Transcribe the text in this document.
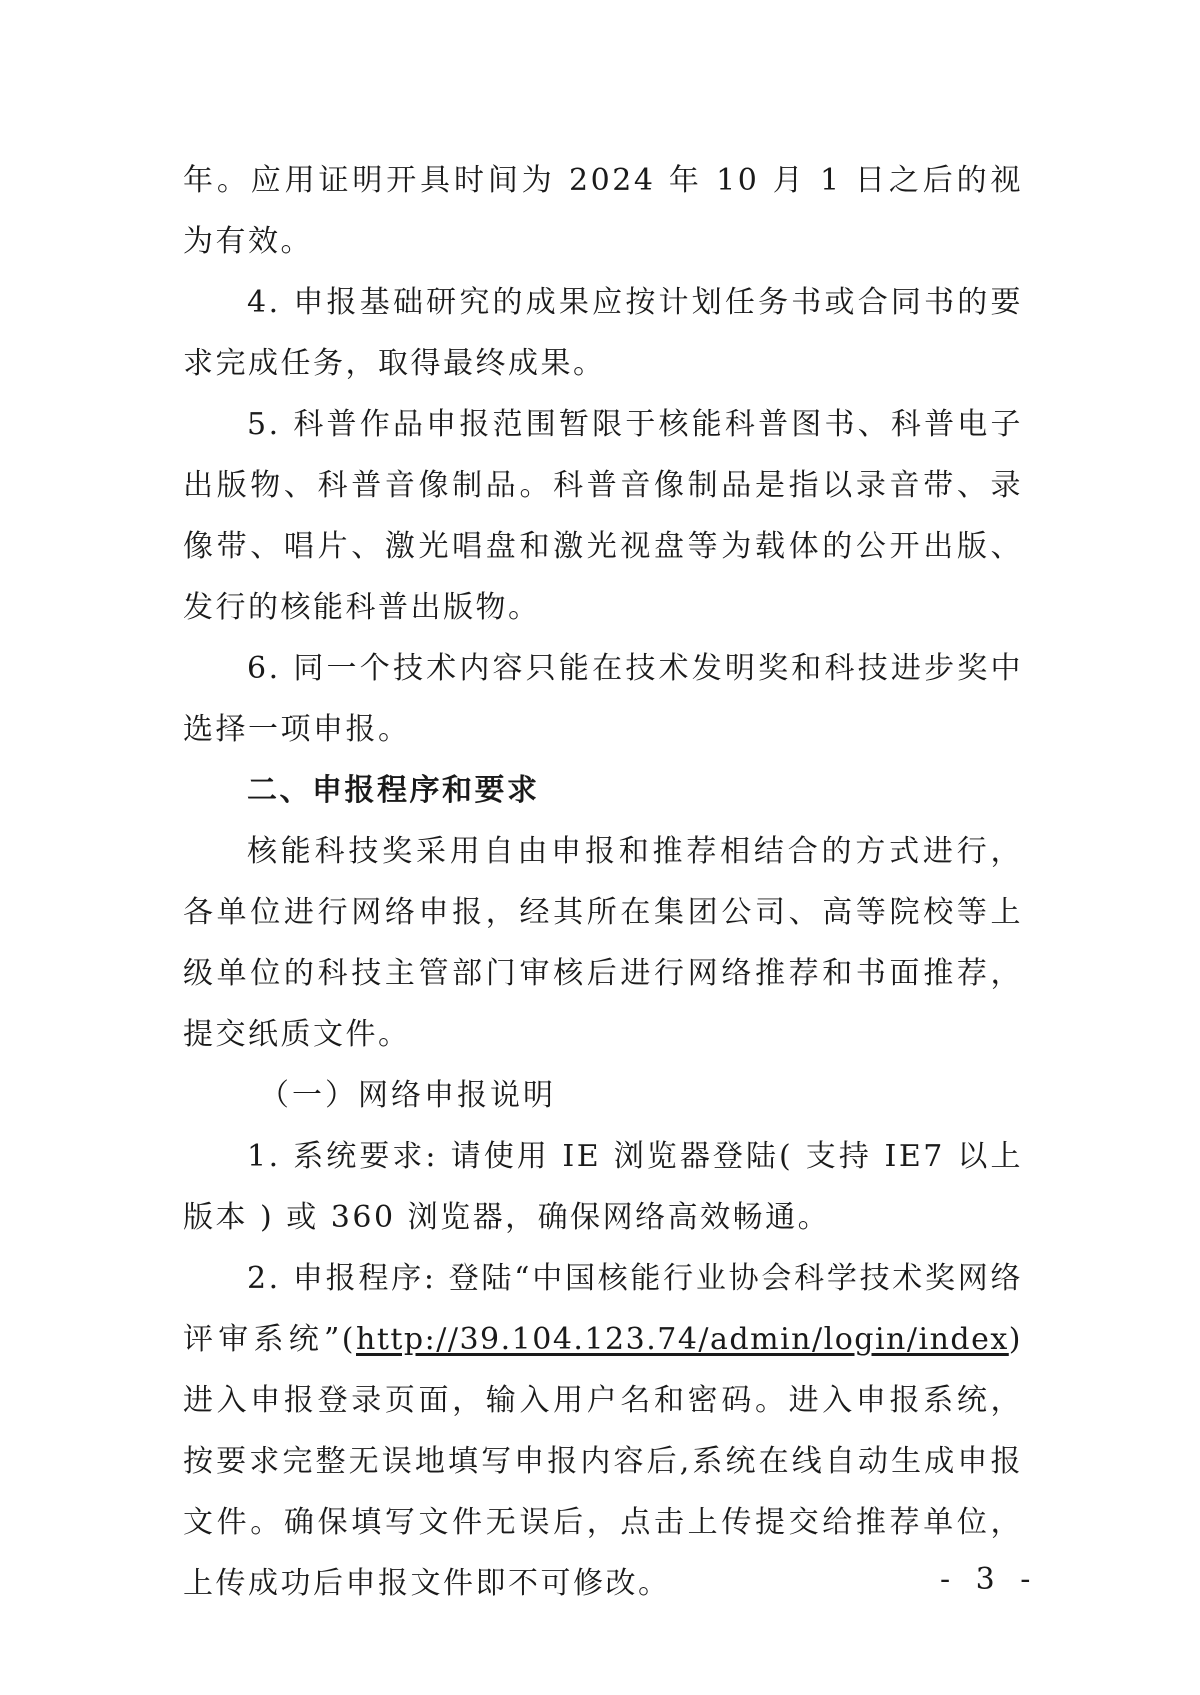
年。应用证明开具时间为 2024 年 10 月 1 日之后的视为有效。

4. 申报基础研究的成果应按计划任务书或合同书的要求完成任务，取得最终成果。

5. 科普作品申报范围暂限于核能科普图书、科普电子出版物、科普音像制品。科普音像制品是指以录音带、录像带、唱片、激光唱盘和激光视盘等为载体的公开出版、发行的核能科普出版物。

6. 同一个技术内容只能在技术发明奖和科技进步奖中选择一项申报。

二、申报程序和要求

核能科技奖采用自由申报和推荐相结合的方式进行，各单位进行网络申报，经其所在集团公司、高等院校等上级单位的科技主管部门审核后进行网络推荐和书面推荐，提交纸质文件。

（一）网络申报说明

1. 系统要求: 请使用 IE 浏览器登陆( 支持 IE7 以上版本 ) 或 360 浏览器，确保网络高效畅通。

2. 申报程序: 登陆“中国核能行业协会科学技术奖网络评审系统”(http://39.104.123.74/admin/login/index)进入申报登录页面，输入用户名和密码。进入申报系统，按要求完整无误地填写申报内容后,系统在线自动生成申报文件。确保填写文件无误后，点击上传提交给推荐单位，上传成功后申报文件即不可修改。	- 3 -
